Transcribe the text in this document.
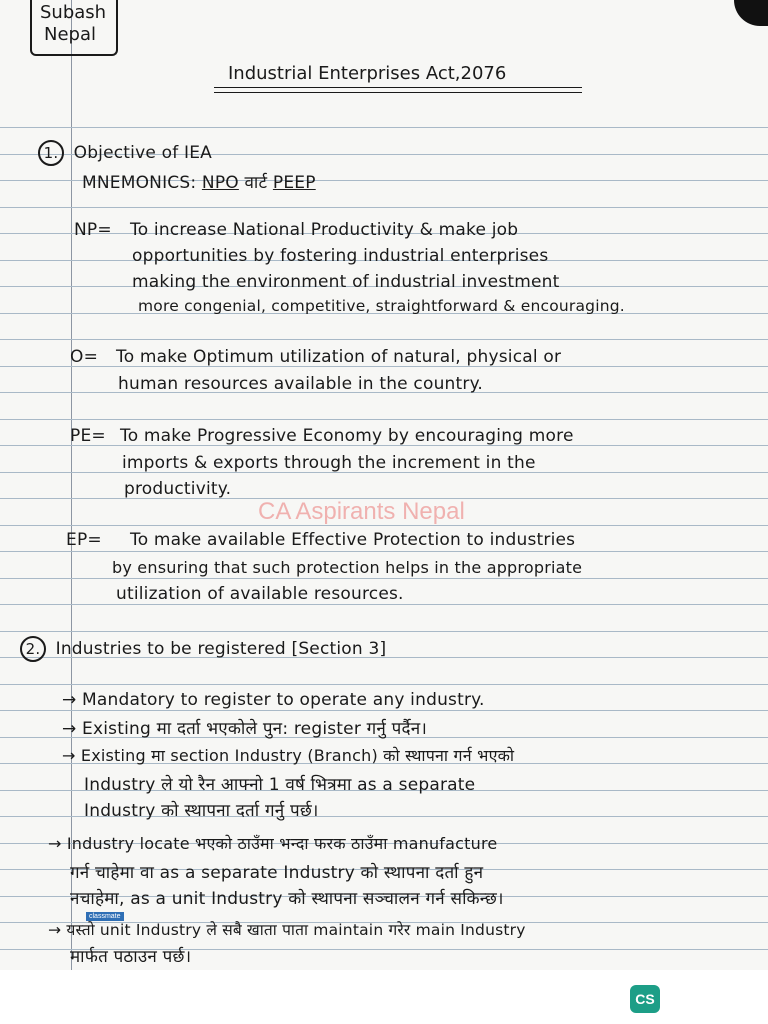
Subash
Nepal
Industrial Enterprises Act,2076
1. Objective of IEA
MNEMONICS: NPO वार्ट PEEP
NP= To increase National Productivity & make job
opportunities by fostering industrial enterprises
making the environment of industrial investment
more congenial, competitive, straightforward & encouraging.
O= To make Optimum utilization of natural, physical or
human resources available in the country.
PE= To make Progressive Economy by encouraging more
imports & exports through the increment in the
productivity.
CA Aspirants Nepal
EP= To make available Effective Protection to industries
by ensuring that such protection helps in the appropriate
utilization of available resources.
2. Industries to be registered [Section 3]
→ Mandatory to register to operate any industry.
→ Existing मा दर्ता भएकोले पुन: register गर्नु पर्दैन।
→ Existing मा section Industry (Branch) को स्थापना गर्न भएको
Industry ले यो रैन आफ्नो 1 वर्ष भित्रमा as a separate
Industry को स्थापना दर्ता गर्नु पर्छ।
→ Industry locate भएको ठाउँमा भन्दा फरक ठाउँमा manufacture
गर्न चाहेमा वा as a separate Industry को स्थापना दर्ता हुन
नचाहेमा, as a unit Industry को स्थापना सञ्चालन गर्न सकिन्छ।
→ यस्तो unit Industry ले सबै खाता पाता maintain गरेर main Industry
मार्फत पठाउन पर्छ।
classmate
CS
